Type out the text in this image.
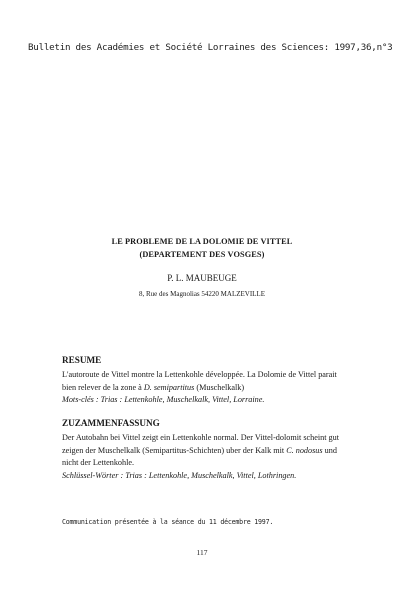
Bulletin des Académies et Société Lorraines des Sciences: 1997,36,n°3
LE PROBLEME DE LA DOLOMIE DE VITTEL
(DEPARTEMENT DES VOSGES)
P. L. MAUBEUGE
8, Rue des Magnolias 54220 MALZEVILLE
RESUME
L'autoroute de Vittel montre la Lettenkohle développée. La Dolomie de Vittel parait
bien relever de la zone à D. semipartitus (Muschelkalk)
Mots-clés : Trias : Lettenkohle, Muschelkalk, Vittel, Lorraine.
ZUZAMMENFASSUNG
Der Autobahn bei Vittel zeigt ein Lettenkohle normal. Der Vittel-dolomit scheint gut
zeigen der Muschelkalk (Semipartitus-Schichten) uber der Kalk mit C. nodosus und
nicht der Lettenkohle.
Schlüssel-Wörter : Trias : Lettenkohle, Muschelkalk, Vittel, Lothringen.
Communication présentée à la séance du 11 décembre 1997.
117
